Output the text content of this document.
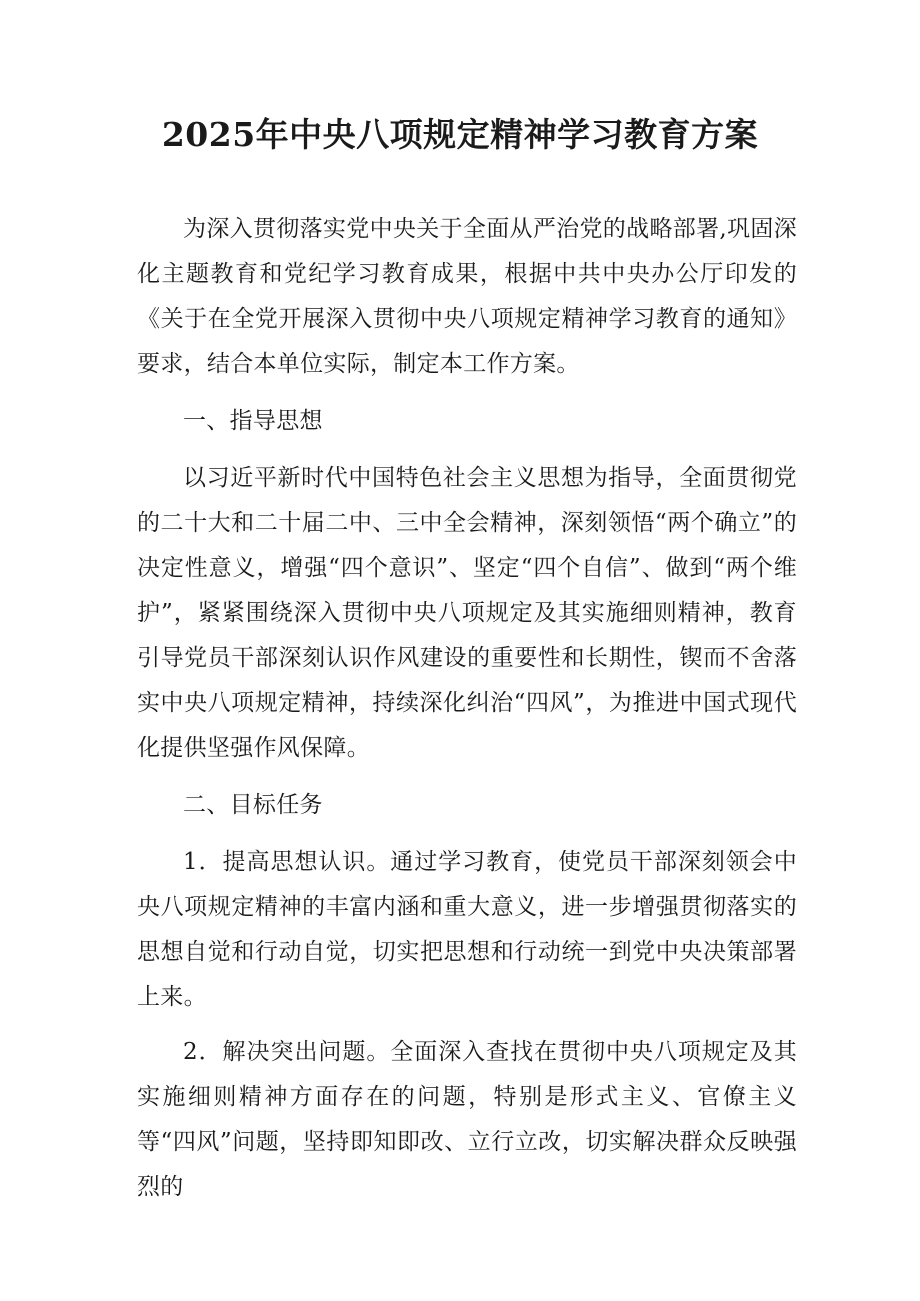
2025年中央八项规定精神学习教育方案

为深入贯彻落实党中央关于全面从严治党的战略部署,巩固深化主题教育和党纪学习教育成果，根据中共中央办公厅印发的《关于在全党开展深入贯彻中央八项规定精神学习教育的通知》要求，结合本单位实际，制定本工作方案。

一、指导思想

以习近平新时代中国特色社会主义思想为指导，全面贯彻党的二十大和二十届二中、三中全会精神，深刻领悟“两个确立”的决定性意义，增强“四个意识”、坚定“四个自信”、做到“两个维护”，紧紧围绕深入贯彻中央八项规定及其实施细则精神，教育引导党员干部深刻认识作风建设的重要性和长期性，锲而不舍落实中央八项规定精神，持续深化纠治“四风”，为推进中国式现代化提供坚强作风保障。

二、目标任务

1．提高思想认识。通过学习教育，使党员干部深刻领会中央八项规定精神的丰富内涵和重大意义，进一步增强贯彻落实的思想自觉和行动自觉，切实把思想和行动统一到党中央决策部署上来。

2．解决突出问题。全面深入查找在贯彻中央八项规定及其实施细则精神方面存在的问题，特别是形式主义、官僚主义等“四风”问题，坚持即知即改、立行立改，切实解决群众反映强烈的
